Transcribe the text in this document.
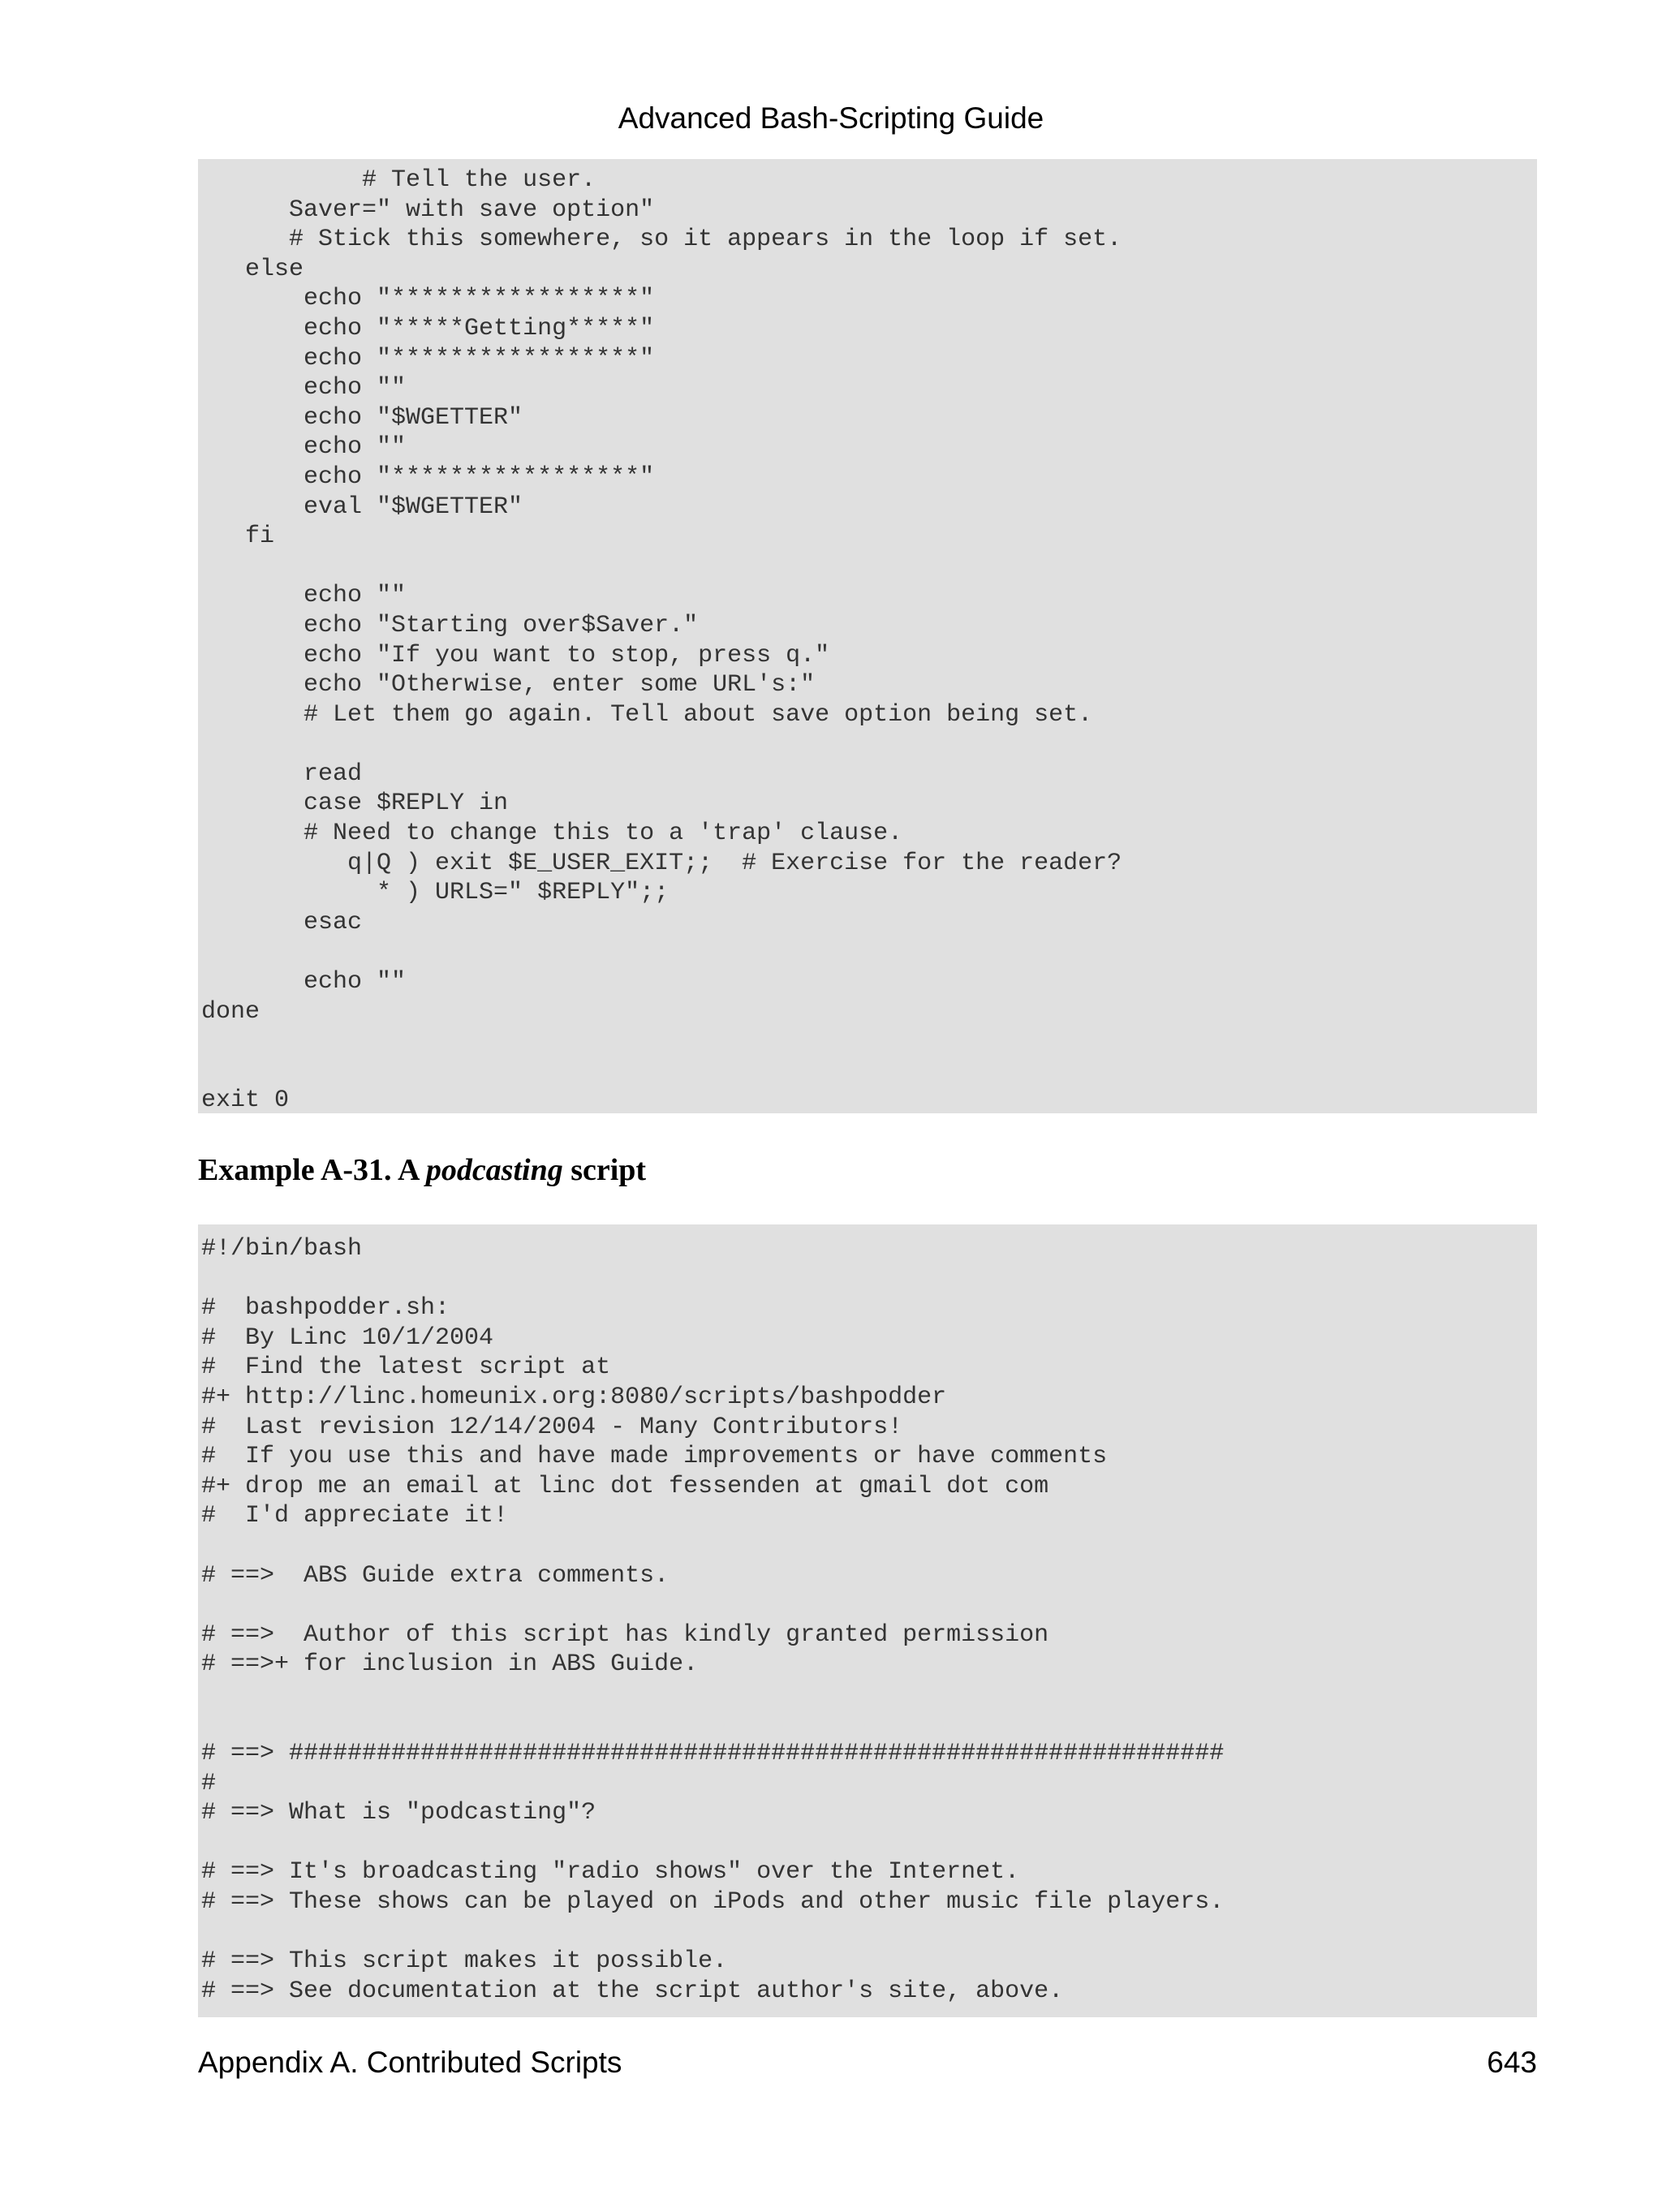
Advanced Bash-Scripting Guide
# Tell the user.
Saver=" with save option"
# Stick this somewhere, so it appears in the loop if set.
else
echo "*****************"
echo "*****Getting*****"
echo "*****************"
echo ""
echo "$WGETTER"
echo ""
echo "*****************"
eval "$WGETTER"
fi
echo ""
echo "Starting over$Saver."
echo "If you want to stop, press q."
echo "Otherwise, enter some URL's:"
# Let them go again. Tell about save option being set.
read
case $REPLY in
# Need to change this to a 'trap' clause.
q|Q ) exit $E_USER_EXIT;;  # Exercise for the reader?
* ) URLS=" $REPLY";;
esac
echo ""
done
exit 0
Example A-31. A podcasting script
#!/bin/bash
#  bashpodder.sh:
#  By Linc 10/1/2004
#  Find the latest script at
#+ http://linc.homeunix.org:8080/scripts/bashpodder
#  Last revision 12/14/2004 - Many Contributors!
#  If you use this and have made improvements or have comments
#+ drop me an email at linc dot fessenden at gmail dot com
#  I'd appreciate it!
# ==>  ABS Guide extra comments.
# ==>  Author of this script has kindly granted permission
# ==>+ for inclusion in ABS Guide.
# ==> ################################################################
#
# ==> What is "podcasting"?
# ==> It's broadcasting "radio shows" over the Internet.
# ==> These shows can be played on iPods and other music file players.
# ==> This script makes it possible.
# ==> See documentation at the script author's site, above.
Appendix A. Contributed Scripts	643
